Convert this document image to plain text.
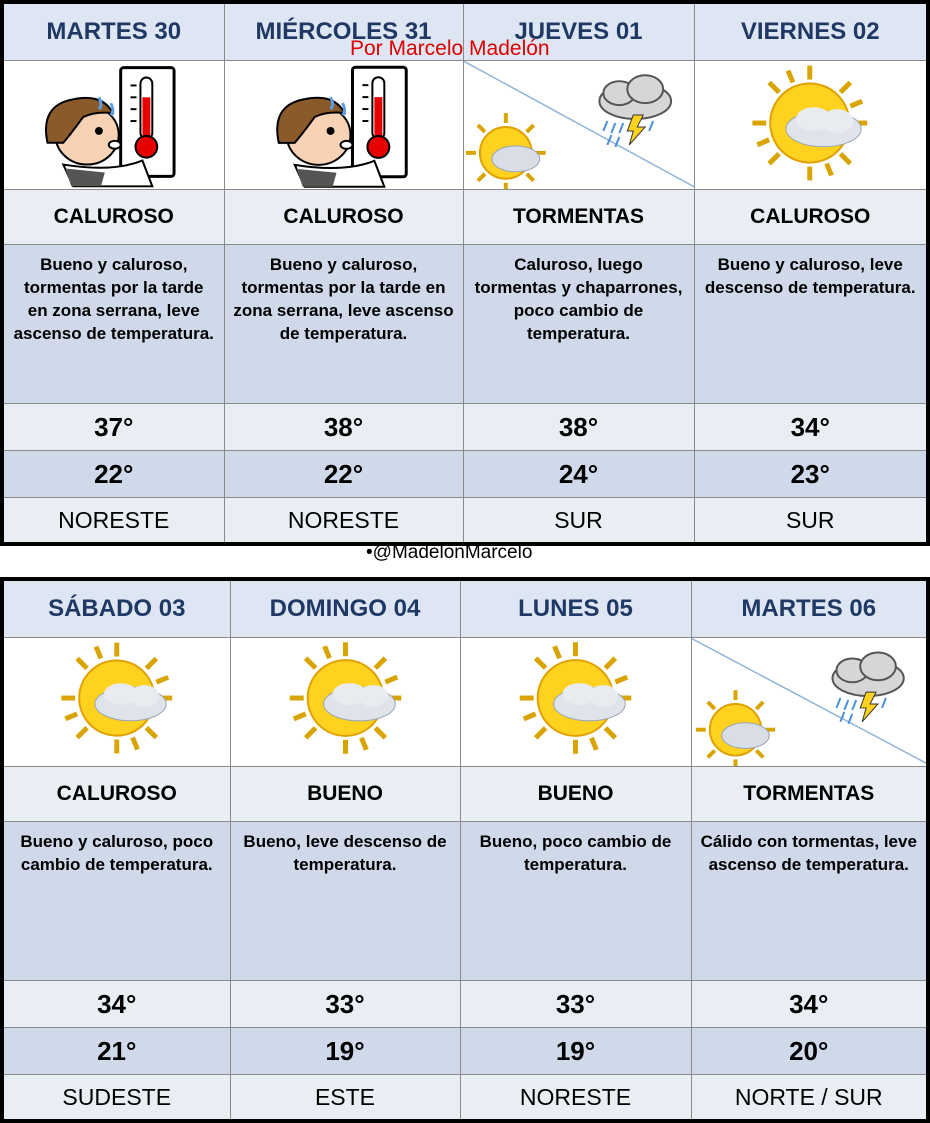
MARTES 30	MIÉRCOLES 31	JUEVES 01	VIERNES 02

CALUROSO	CALUROSO	TORMENTAS	CALUROSO
Bueno y caluroso, tormentas por la tarde en zona serrana, leve ascenso de temperatura.	Bueno y caluroso, tormentas por la tarde en zona serrana, leve ascenso de temperatura.	Caluroso, luego tormentas y chaparrones, poco cambio de temperatura.	Bueno y caluroso, leve descenso de temperatura.
37°	38°	38°	34°
22°	22°	24°	23°
NORESTE	NORESTE	SUR	SUR
Por Marcelo Madelón
•@MadelonMarcelo
SÁBADO 03	DOMINGO 04	LUNES 05	MARTES 06

CALUROSO	BUENO	BUENO	TORMENTAS
Bueno y caluroso, poco cambio de temperatura.	Bueno, leve descenso de temperatura.	Bueno, poco cambio de temperatura.	Cálido con tormentas, leve ascenso de temperatura.
34°	33°	33°	34°
21°	19°	19°	20°
SUDESTE	ESTE	NORESTE	NORTE / SUR
